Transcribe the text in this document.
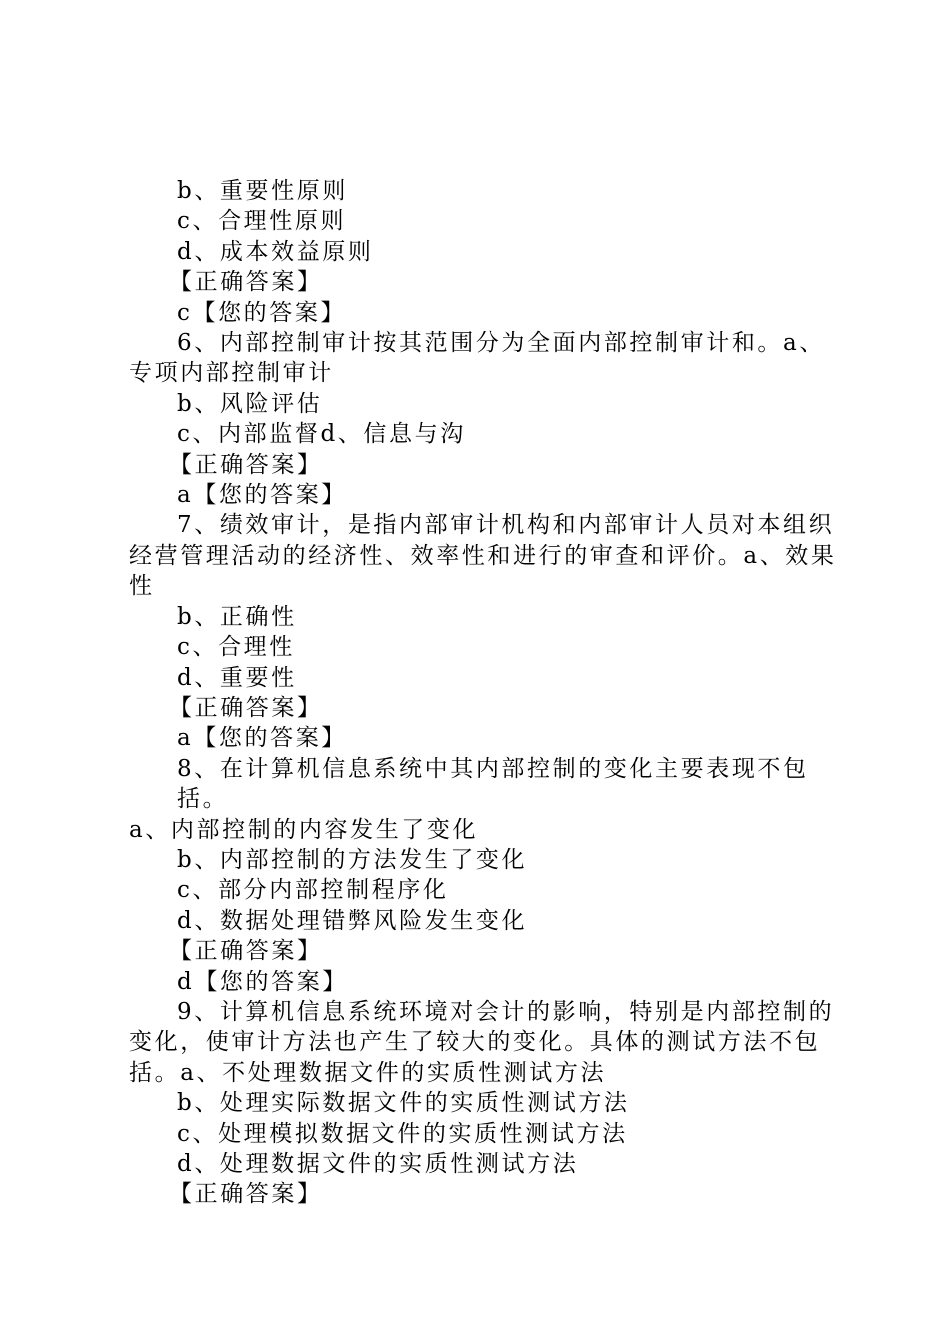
b、重要性原则

c、合理性原则

d、成本效益原则

【正确答案】

c【您的答案】

6、内部控制审计按其范围分为全面内部控制审计和。a、

专项内部控制审计

b、风险评估

c、内部监督d、信息与沟

【正确答案】

a【您的答案】

7、绩效审计，是指内部审计机构和内部审计人员对本组织

经营管理活动的经济性、效率性和进行的审查和评价。a、效果

性

b、正确性

c、合理性

d、重要性

【正确答案】

a【您的答案】

8、在计算机信息系统中其内部控制的变化主要表现不包括。

a、内部控制的内容发生了变化

b、内部控制的方法发生了变化

c、部分内部控制程序化

d、数据处理错弊风险发生变化

【正确答案】

d【您的答案】

9、计算机信息系统环境对会计的影响，特别是内部控制的

变化，使审计方法也产生了较大的变化。具体的测试方法不包

括。a、不处理数据文件的实质性测试方法

b、处理实际数据文件的实质性测试方法

c、处理模拟数据文件的实质性测试方法

d、处理数据文件的实质性测试方法

【正确答案】
